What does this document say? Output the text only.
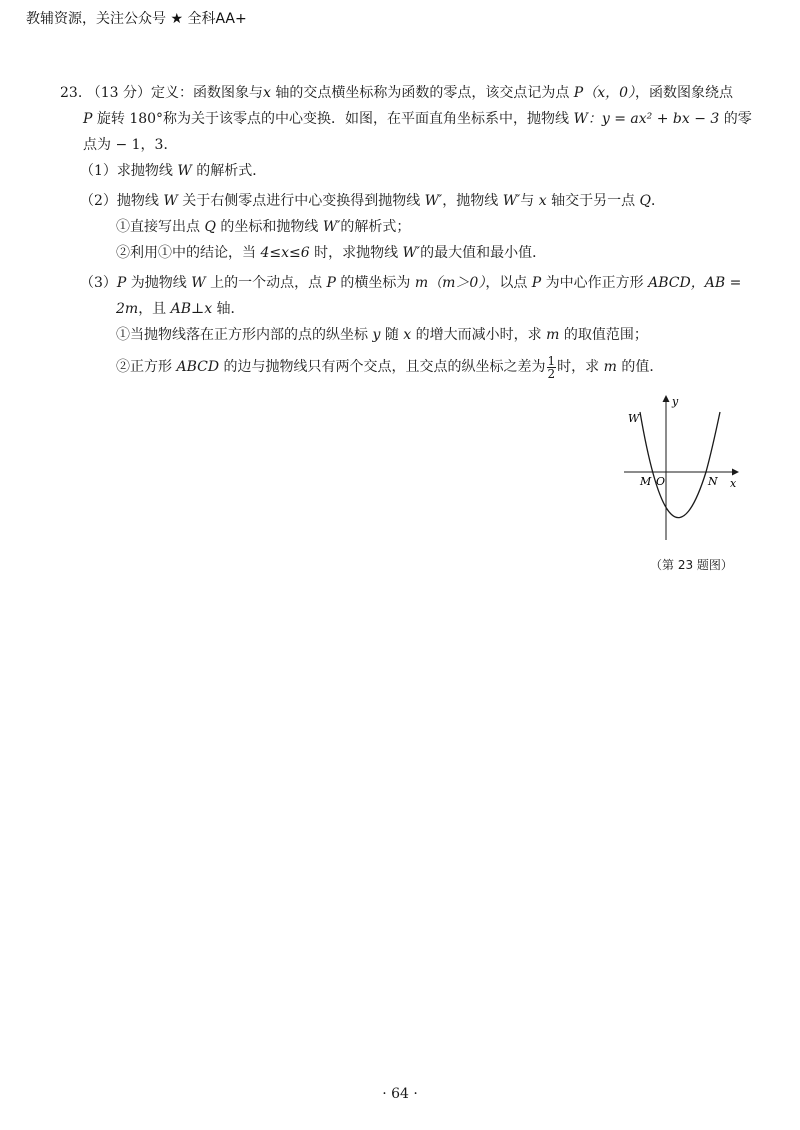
教辅资源，关注公众号 ★ 全科AA+
23. （13 分）定义：函数图象与x 轴的交点横坐标称为函数的零点，该交点记为点 P（x，0），函数图象绕点
P 旋转 180°称为关于该零点的中心变换．如图，在平面直角坐标系中，抛物线 W：y = ax² + bx − 3 的零
点为 − 1，3．
（1）求抛物线 W 的解析式．
（2）抛物线 W 关于右侧零点进行中心变换得到抛物线 W′，抛物线 W′与 x 轴交于另一点 Q．
①直接写出点 Q 的坐标和抛物线 W′的解析式；
②利用①中的结论，当 4≤x≤6 时，求抛物线 W′的最大值和最小值．
（3）P 为抛物线 W 上的一个动点，点 P 的横坐标为 m（m＞0），以点 P 为中心作正方形 ABCD，AB =
2m，且 AB⊥x 轴．
①当抛物线落在正方形内部的点的纵坐标 y 随 x 的增大而减小时，求 m 的取值范围；
②正方形 ABCD 的边与抛物线只有两个交点，且交点的纵坐标之差为 $\frac{1}{2}$ 时，求 m 的值．
W
y
x
M O	N
（第 23 题图）
· 64 ·
